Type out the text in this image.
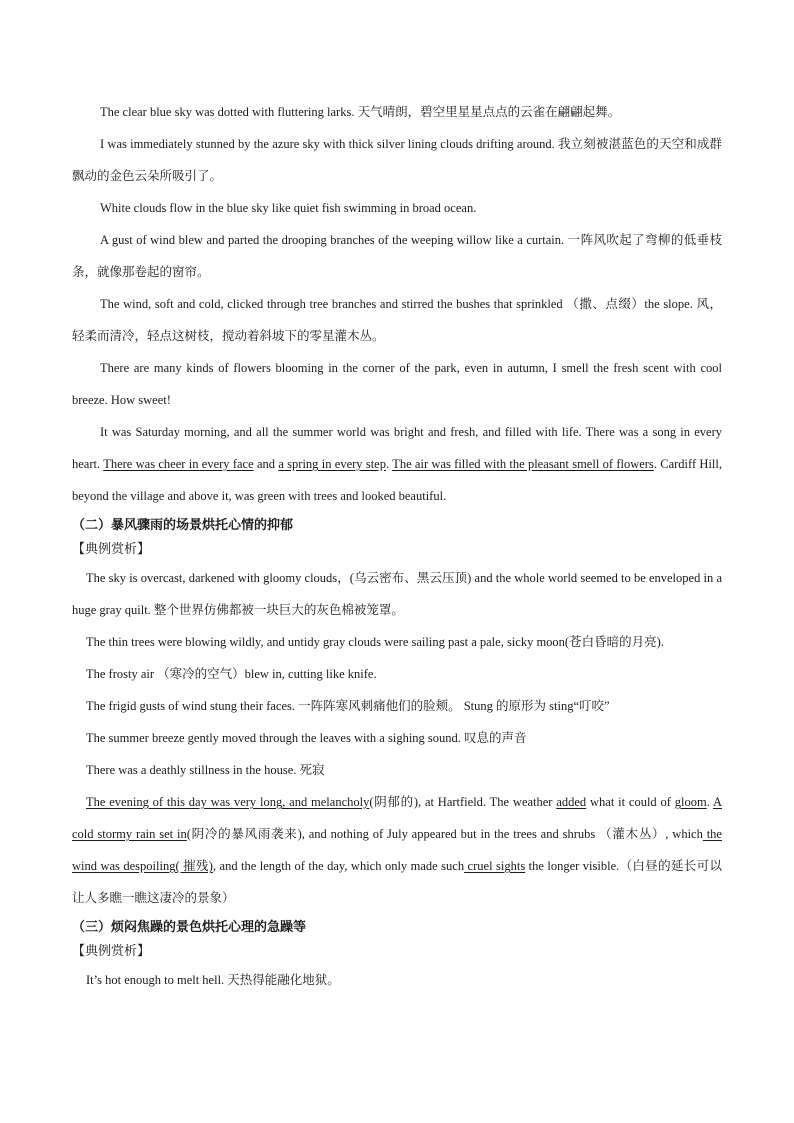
The clear blue sky was dotted with fluttering larks. 天气晴朗，碧空里星星点点的云雀在翩翩起舞。

I was immediately stunned by the azure sky with thick silver lining clouds drifting around. 我立刻被湛蓝色的天空和成群飘动的金色云朵所吸引了。

White clouds flow in the blue sky like quiet fish swimming in broad ocean.

A gust of wind blew and parted the drooping branches of the weeping willow like a curtain. 一阵风吹起了弯柳的低垂枝条，就像那卷起的窗帘。

The wind, soft and cold, clicked through tree branches and stirred the bushes that sprinkled （撒、点缀）the slope. 风，轻柔而清冷，轻点这树枝，搅动着斜坡下的零星灌木丛。

There are many kinds of flowers blooming in the corner of the park, even in autumn, I smell the fresh scent with cool breeze. How sweet!

It was Saturday morning, and all the summer world was bright and fresh, and filled with life. There was a song in every heart. There was cheer in every face and a spring in every step. The air was filled with the pleasant smell of flowers. Cardiff Hill, beyond the village and above it, was green with trees and looked beautiful.

（二）暴风骤雨的场景烘托心情的抑郁
【典例赏析】

The sky is overcast, darkened with gloomy clouds，(乌云密布、黑云压顶) and the whole world seemed to be enveloped in a huge gray quilt. 整个世界仿佛都被一块巨大的灰色棉被笼罩。

The thin trees were blowing wildly, and untidy gray clouds were sailing past a pale, sicky moon(苍白昏暗的月亮).

The frosty air （寒冷的空气）blew in, cutting like knife.

The frigid gusts of wind stung their faces. 一阵阵寒风刺痛他们的脸颊。 Stung 的原形为 sting“叮咬”

The summer breeze gently moved through the leaves with a sighing sound. 叹息的声音

There was a deathly stillness in the house. 死寂

The evening of this day was very long, and melancholy(阴郁的), at Hartfield. The weather added what it could of gloom. A cold stormy rain set in(阴冷的暴风雨袭来), and nothing of July appeared but in the trees and shrubs （灌木丛）, which the wind was despoiling( 摧残), and the length of the day, which only made such cruel sights the longer visible.（白昼的延长可以让人多瞧一瞧这凄冷的景象）

（三）烦闷焦躁的景色烘托心理的急躁等
【典例赏析】

It’s hot enough to melt hell. 天热得能融化地狱。
